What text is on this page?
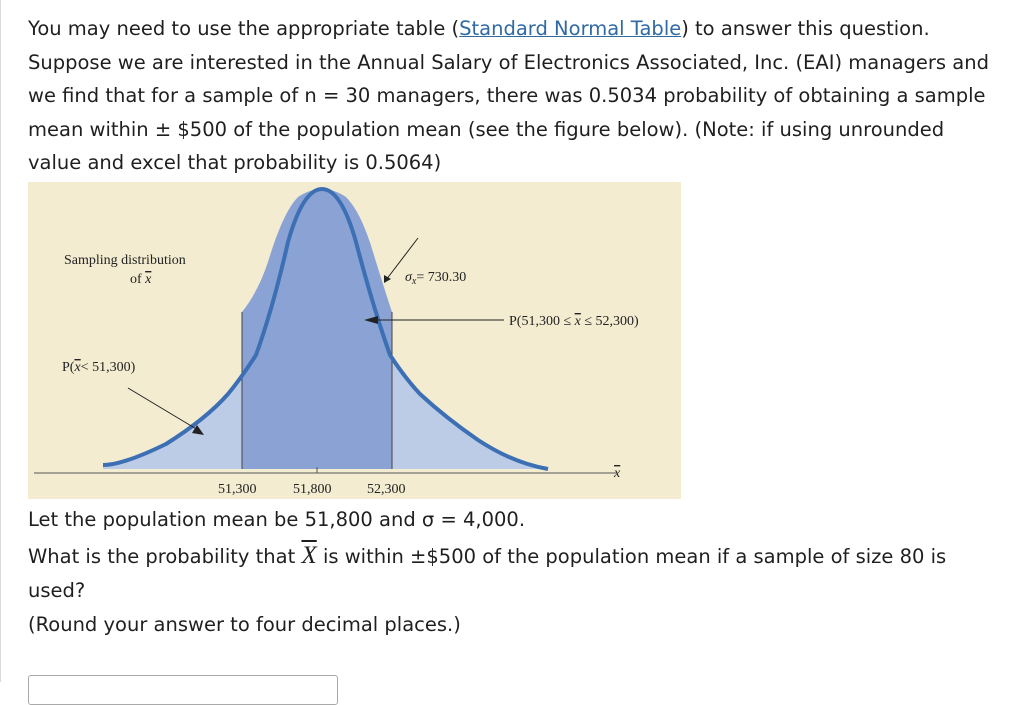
You may need to use the appropriate table (Standard Normal Table) to answer this question.

Suppose we are interested in the Annual Salary of Electronics Associated, Inc. (EAI) managers and we find that for a sample of n = 30 managers, there was 0.5034 probability of obtaining a sample mean within ± $500 of the population mean (see the figure below). (Note: if using unrounded value and excel that probability is 0.5064)

Sampling distribution
of x	$\sigma_x= 730.30$
P(51,300 ≤ x ≤ 52,300)
P(x< 51,300)
51,300	51,800	52,300
x

Let the population mean be 51,800 and σ = 4,000.

What is the probability that $\overline{X}$ is within ±$500 of the population mean if a sample of size 80 is used?

(Round your answer to four decimal places.)
